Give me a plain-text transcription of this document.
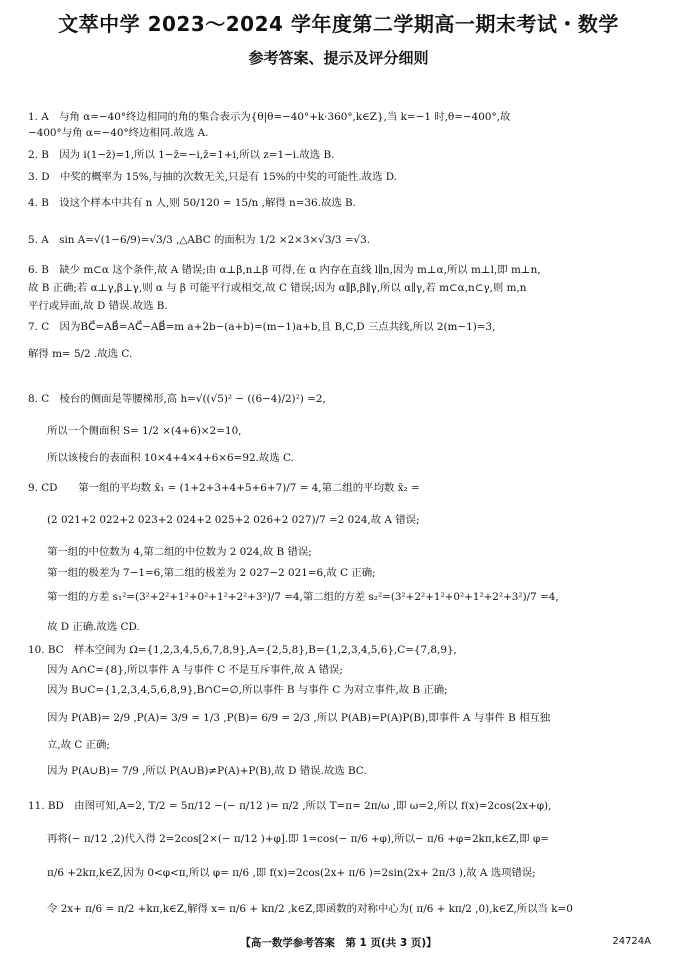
文萃中学 2023～2024 学年度第二学期高一期末考试・数学
参考答案、提示及评分细则
1. A　与角 α=−40°终边相同的角的集合表示为{θ|θ=−40°+k·360°,k∈Z},当 k=−1 时,θ=−400°,故
−400°与角 α=−40°终边相同.故选 A.
2. B　因为 i(1−z̄)=1,所以 1−z̄=−i,z̄=1+i,所以 z=1−i.故选 B.
3. D　中奖的概率为 15%,与抽的次数无关,只是有 15%的中奖的可能性.故选 D.
4. B　设这个样本中共有 n 人,则 50/120 = 15/n ,解得 n=36.故选 B.
5. A　sin A=√(1−6/9)=√3/3 ,△ABC 的面积为 1/2 ×2×3×√3/3 =√3.
6. B　缺少 m⊂α 这个条件,故 A 错误;由 α⊥β,n⊥β 可得,在 α 内存在直线 l∥n,因为 m⊥α,所以 m⊥l,即 m⊥n,
故 B 正确;若 α⊥γ,β⊥γ,则 α 与 β 可能平行或相交,故 C 错误;因为 α∥β,β∥γ,所以 α∥γ,若 m⊂α,n⊂γ,则 m,n
平行或异面,故 D 错误.故选 B.
7. C　因为BC⃗=AB⃗=AC⃗−AB⃗=m a+2b−(a+b)=(m−1)a+b,且 B,C,D 三点共线,所以 2(m−1)=3,
解得 m= 5/2 .故选 C.
8. C　棱台的侧面是等腰梯形,高 h=√((√5)² − ((6−4)/2)²) =2,
所以一个侧面积 S= 1/2 ×(4+6)×2=10,
所以该棱台的表面积 10×4+4×4+6×6=92.故选 C.
9. CD　　第一组的平均数 x̄₁ = (1+2+3+4+5+6+7)/7 = 4,第二组的平均数 x̄₂ =
(2 021+2 022+2 023+2 024+2 025+2 026+2 027)/7 =2 024,故 A 错误;
第一组的中位数为 4,第二组的中位数为 2 024,故 B 错误;
第一组的极差为 7−1=6,第二组的极差为 2 027−2 021=6,故 C 正确;
第一组的方差 s₁²=(3²+2²+1²+0²+1²+2²+3²)/7 =4,第二组的方差 s₂²=(3²+2²+1²+0²+1²+2²+3²)/7 =4,
故 D 正确.故选 CD.
10. BC　样本空间为 Ω={1,2,3,4,5,6,7,8,9},A={2,5,8},B={1,2,3,4,5,6},C={7,8,9},
因为 A∩C={8},所以事件 A 与事件 C 不是互斥事件,故 A 错误;
因为 B∪C={1,2,3,4,5,6,8,9},B∩C=∅,所以事件 B 与事件 C 为对立事件,故 B 正确;
因为 P(AB)= 2/9 ,P(A)= 3/9 = 1/3 ,P(B)= 6/9 = 2/3 ,所以 P(AB)=P(A)P(B),即事件 A 与事件 B 相互独
立,故 C 正确;
因为 P(A∪B)= 7/9 ,所以 P(A∪B)≠P(A)+P(B),故 D 错误.故选 BC.
11. BD　由图可知,A=2, T/2 = 5π/12 −(− π/12 )= π/2 ,所以 T=π= 2π/ω ,即 ω=2,所以 f(x)=2cos(2x+φ),
再将(− π/12 ,2)代入得 2=2cos[2×(− π/12 )+φ].即 1=cos(− π/6 +φ),所以− π/6 +φ=2kπ,k∈Z,即 φ=
π/6 +2kπ,k∈Z,因为 0<φ<π,所以 φ= π/6 ,即 f(x)=2cos(2x+ π/6 )=2sin(2x+ 2π/3 ),故 A 选项错误;
令 2x+ π/6 = π/2 +kπ,k∈Z,解得 x= π/6 + kπ/2 ,k∈Z,即函数的对称中心为( π/6 + kπ/2 ,0),k∈Z,所以当 k=0
【高一数学参考答案　第 1 页(共 3 页)】	24724A
